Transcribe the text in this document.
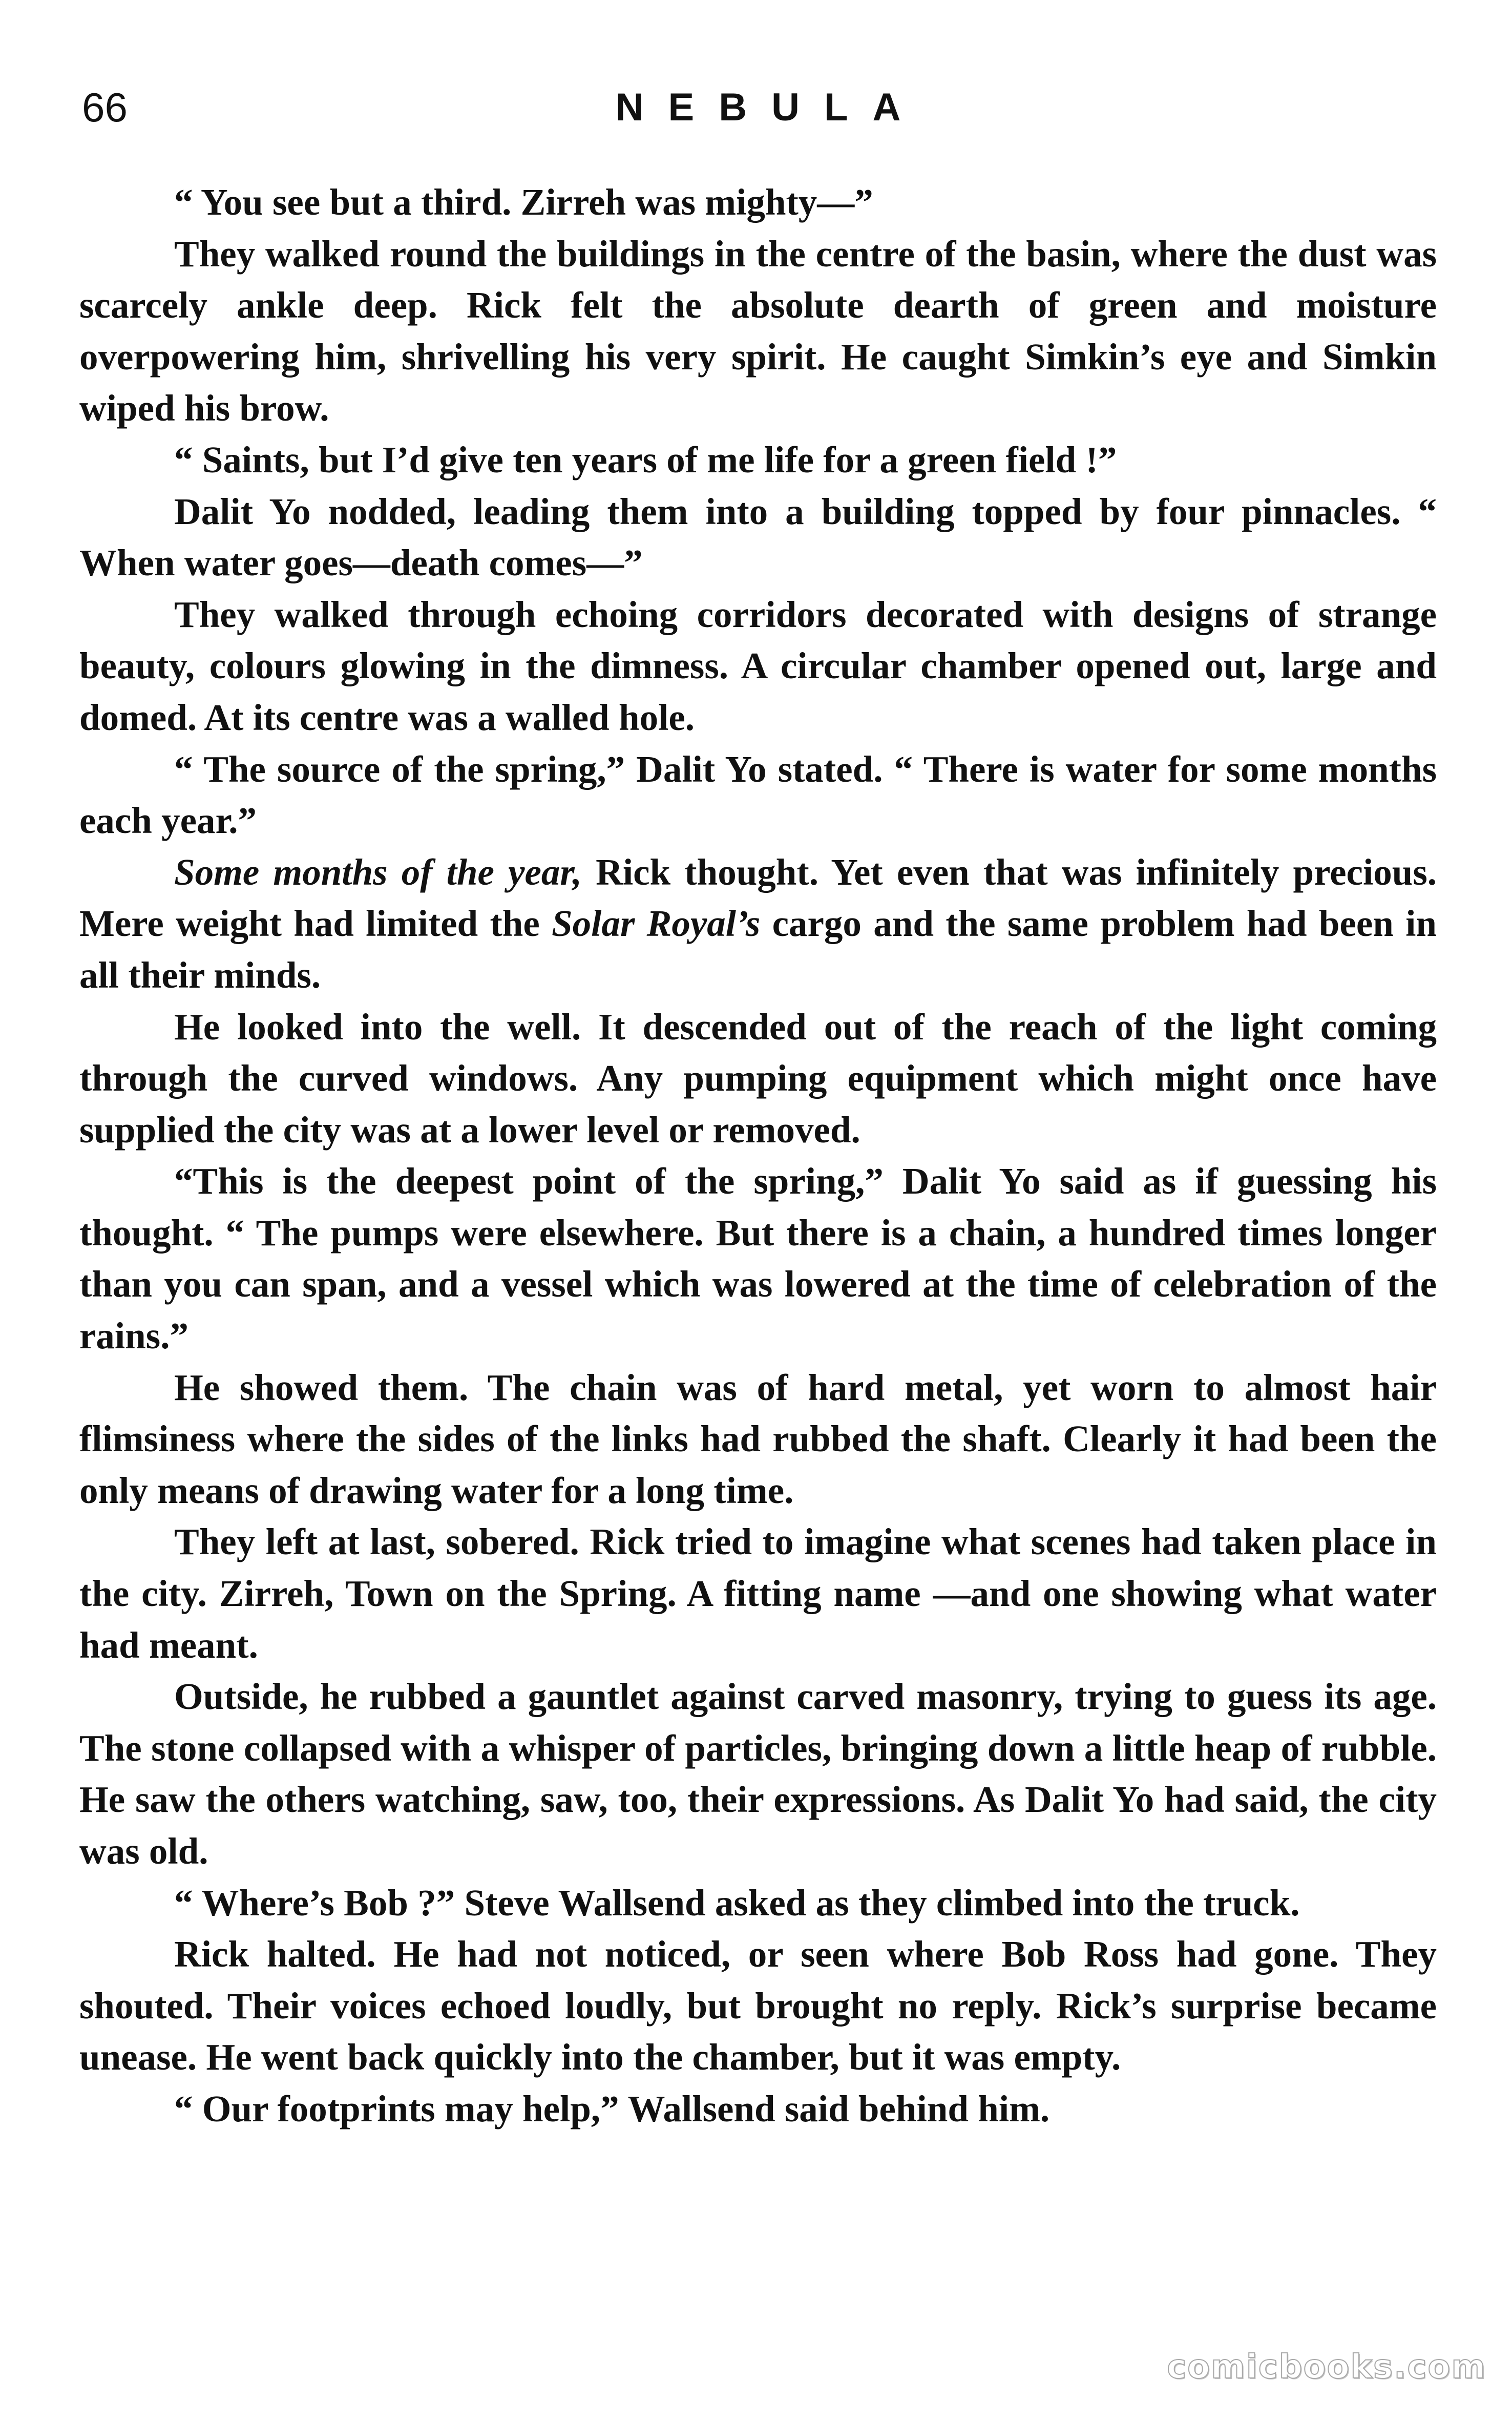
66	NEBULA

“ You see but a third. Zirreh was mighty—”

They walked round the buildings in the centre of the basin, where the dust was scarcely ankle deep. Rick felt the absolute dearth of green and moisture overpowering him, shrivelling his very spirit. He caught Simkin’s eye and Simkin wiped his brow.

“ Saints, but I’d give ten years of me life for a green field !”

Dalit Yo nodded, leading them into a building topped by four pinnacles. “ When water goes—death comes—”

They walked through echoing corridors decorated with designs of strange beauty, colours glowing in the dimness. A circular chamber opened out, large and domed. At its centre was a walled hole.

“ The source of the spring,” Dalit Yo stated. “ There is water for some months each year.”

Some months of the year, Rick thought. Yet even that was infinitely precious. Mere weight had limited the Solar Royal’s cargo and the same problem had been in all their minds.

He looked into the well. It descended out of the reach of the light coming through the curved windows. Any pumping equipment which might once have supplied the city was at a lower level or removed.

“This is the deepest point of the spring,” Dalit Yo said as if guessing his thought. “ The pumps were elsewhere. But there is a chain, a hundred times longer than you can span, and a vessel which was lowered at the time of celebration of the rains.”

He showed them. The chain was of hard metal, yet worn to almost hair flimsiness where the sides of the links had rubbed the shaft. Clearly it had been the only means of drawing water for a long time.

They left at last, sobered. Rick tried to imagine what scenes had taken place in the city. Zirreh, Town on the Spring. A fitting name —and one showing what water had meant.

Outside, he rubbed a gauntlet against carved masonry, trying to guess its age. The stone collapsed with a whisper of particles, bringing down a little heap of rubble. He saw the others watching, saw, too, their expressions. As Dalit Yo had said, the city was old.

“ Where’s Bob ?” Steve Wallsend asked as they climbed into the truck.

Rick halted. He had not noticed, or seen where Bob Ross had gone. They shouted. Their voices echoed loudly, but brought no reply. Rick’s surprise became unease. He went back quickly into the chamber, but it was empty.

“ Our footprints may help,” Wallsend said behind him.

comicbooks.com
